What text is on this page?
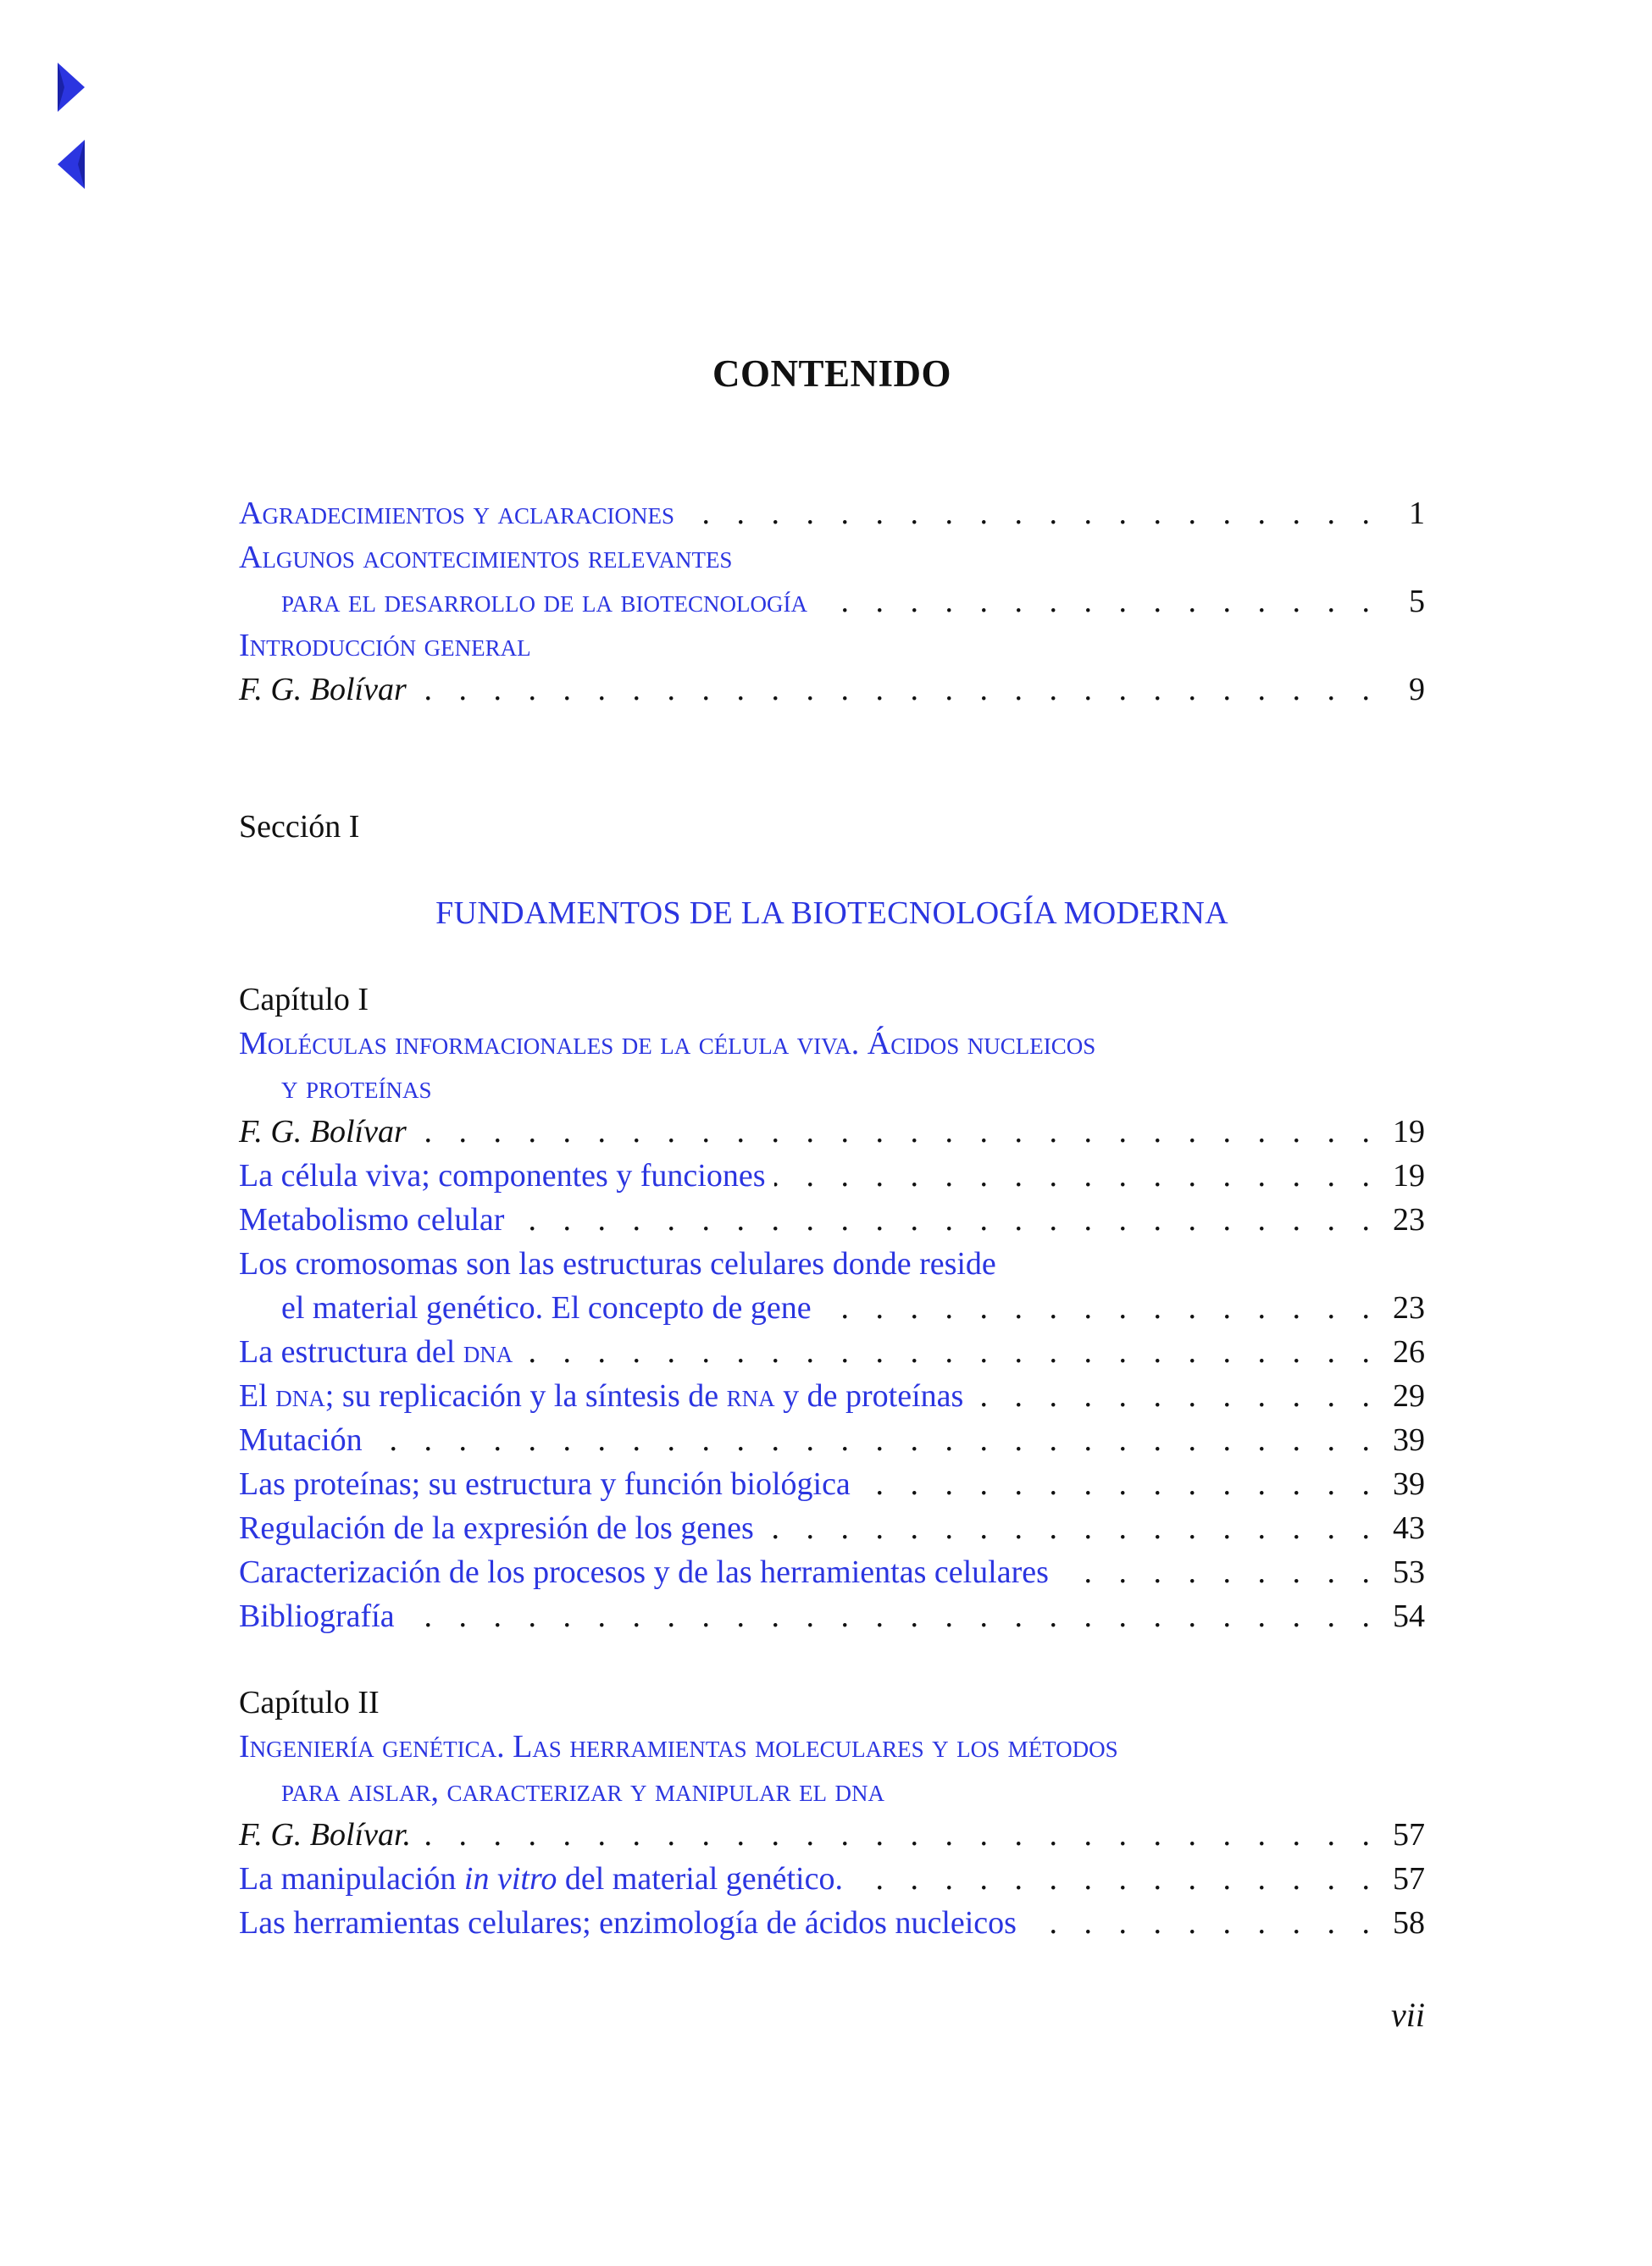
CONTENIDO
Agradecimientos y aclaraciones . . .	1
Algunos acontecimientos relevantes
para el desarrollo de la biotecnología . . .	5
Introducción general
F. G. Bolívar . . .	9
Sección I
FUNDAMENTOS DE LA BIOTECNOLOGÍA MODERNA
Capítulo I
Moléculas informacionales de la célula viva. Ácidos nucleicos
y proteínas
F. G. Bolívar . . .	19
La célula viva; componentes y funciones . . .	19
Metabolismo celular . . .	23
Los cromosomas son las estructuras celulares donde reside
el material genético. El concepto de gene . . .	23
La estructura del dna . . .	26
El dna; su replicación y la síntesis de rna y de proteínas . . .	29
Mutación . . .	39
Las proteínas; su estructura y función biológica . . .	39
Regulación de la expresión de los genes . . .	43
Caracterización de los procesos y de las herramientas celulares . . .	53
Bibliografía . . .	54
Capítulo II
Ingeniería genética. Las herramientas moleculares y los métodos
para aislar, caracterizar y manipular el dna
F. G. Bolívar. . . .	57
La manipulación in vitro del material genético. . . .	57
Las herramientas celulares; enzimología de ácidos nucleicos . . .	58
vii
